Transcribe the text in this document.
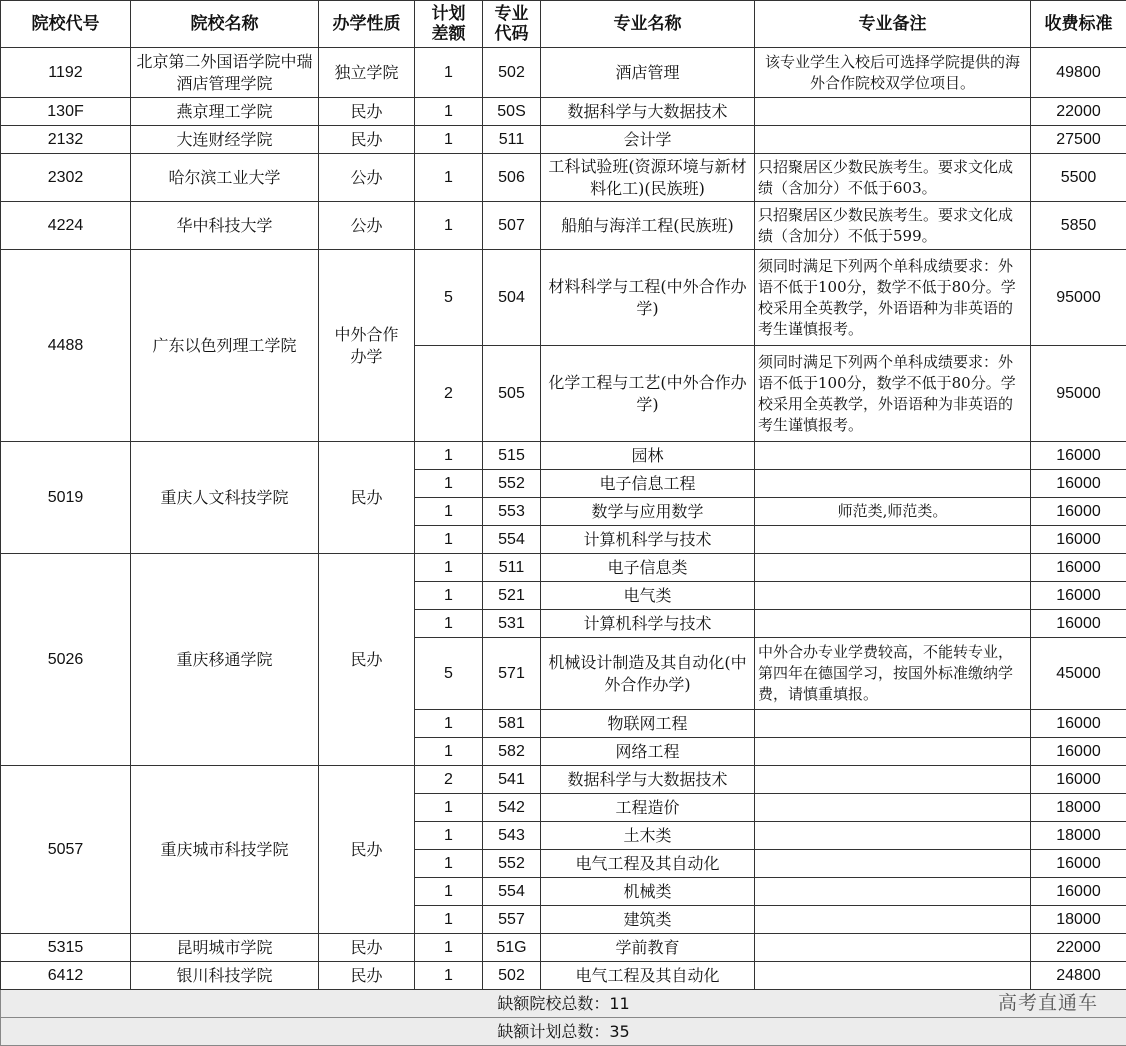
院校代号	院校名称	办学性质	计划差额	专业代码	专业名称	专业备注	收费标准
1192	北京第二外国语学院中瑞酒店管理学院	独立学院	1	502	酒店管理	该专业学生入校后可选择学院提供的海外合作院校双学位项目。	49800
130F	燕京理工学院	民办	1	50S	数据科学与大数据技术		22000
2132	大连财经学院	民办	1	511	会计学		27500
2302	哈尔滨工业大学	公办	1	506	工科试验班(资源环境与新材料化工)(民族班)	只招聚居区少数民族考生。要求文化成绩（含加分）不低于603。	5500
4224	华中科技大学	公办	1	507	船舶与海洋工程(民族班)	只招聚居区少数民族考生。要求文化成绩（含加分）不低于599。	5850
4488	广东以色列理工学院	中外合作办学	5	504	材料科学与工程(中外合作办学)	须同时满足下列两个单科成绩要求：外语不低于100分，数学不低于80分。学校采用全英教学，外语语种为非英语的考生谨慎报考。	95000
			2	505	化学工程与工艺(中外合作办学)	须同时满足下列两个单科成绩要求：外语不低于100分，数学不低于80分。学校采用全英教学，外语语种为非英语的考生谨慎报考。	95000
5019	重庆人文科技学院	民办	1	515	园林		16000
			1	552	电子信息工程		16000
			1	553	数学与应用数学	师范类,师范类。	16000
			1	554	计算机科学与技术		16000
5026	重庆移通学院	民办	1	511	电子信息类		16000
			1	521	电气类		16000
			1	531	计算机科学与技术		16000
			5	571	机械设计制造及其自动化(中外合作办学)	中外合办专业学费较高，不能转专业，第四年在德国学习，按国外标准缴纳学费，请慎重填报。	45000
			1	581	物联网工程		16000
			1	582	网络工程		16000
5057	重庆城市科技学院	民办	2	541	数据科学与大数据技术		16000
			1	542	工程造价		18000
			1	543	土木类		18000
			1	552	电气工程及其自动化		16000
			1	554	机械类		16000
			1	557	建筑类		18000
5315	昆明城市学院	民办	1	51G	学前教育		22000
6412	银川科技学院	民办	1	502	电气工程及其自动化		24800
缺额院校总数：11							
缺额计划总数：35							
高考直通车
